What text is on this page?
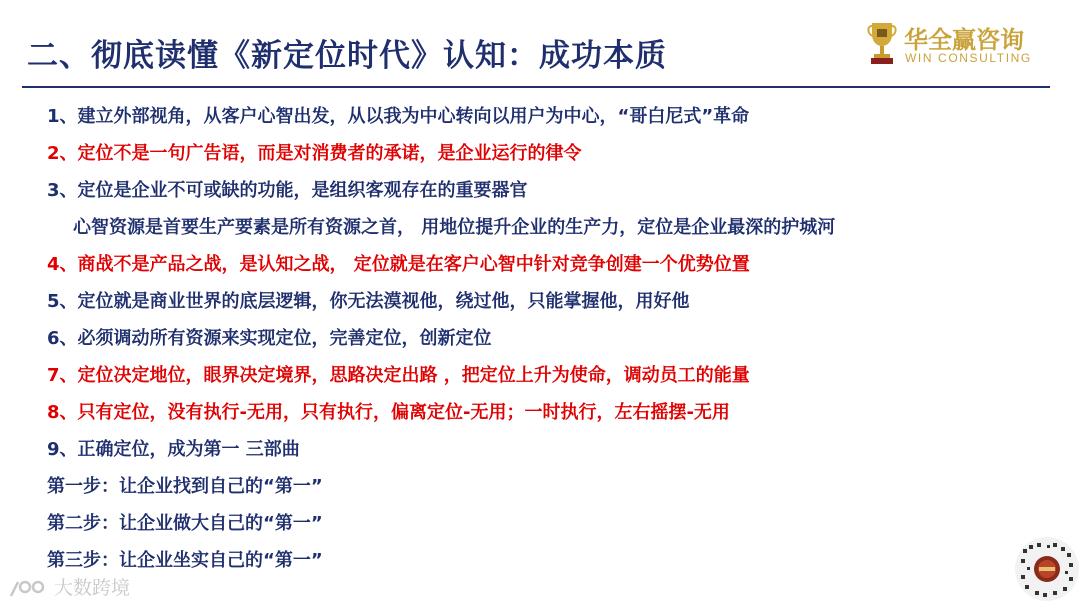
二、彻底读懂《新定位时代》认知：成功本质	华全赢咨询
WIN CONSULTING
1、建立外部视角，从客户心智出发，从以我为中心转向以用户为中心，“哥白尼式”革命
2、定位不是一句广告语，而是对消费者的承诺，是企业运行的律令
3、定位是企业不可或缺的功能，是组织客观存在的重要器官
心智资源是首要生产要素是所有资源之首， 用地位提升企业的生产力，定位是企业最深的护城河
4、商战不是产品之战，是认知之战， 定位就是在客户心智中针对竞争创建一个优势位置
5、定位就是商业世界的底层逻辑，你无法漠视他，绕过他，只能掌握他，用好他
6、必须调动所有资源来实现定位，完善定位，创新定位
7、定位决定地位，眼界决定境界，思路决定出路 ，把定位上升为使命，调动员工的能量
8、只有定位，没有执行-无用，只有执行，偏离定位-无用；一时执行，左右摇摆-无用
9、正确定位，成为第一 三部曲
第一步：让企业找到自己的“第一”
第二步：让企业做大自己的“第一”
第三步：让企业坐实自己的“第一”
大数跨境
